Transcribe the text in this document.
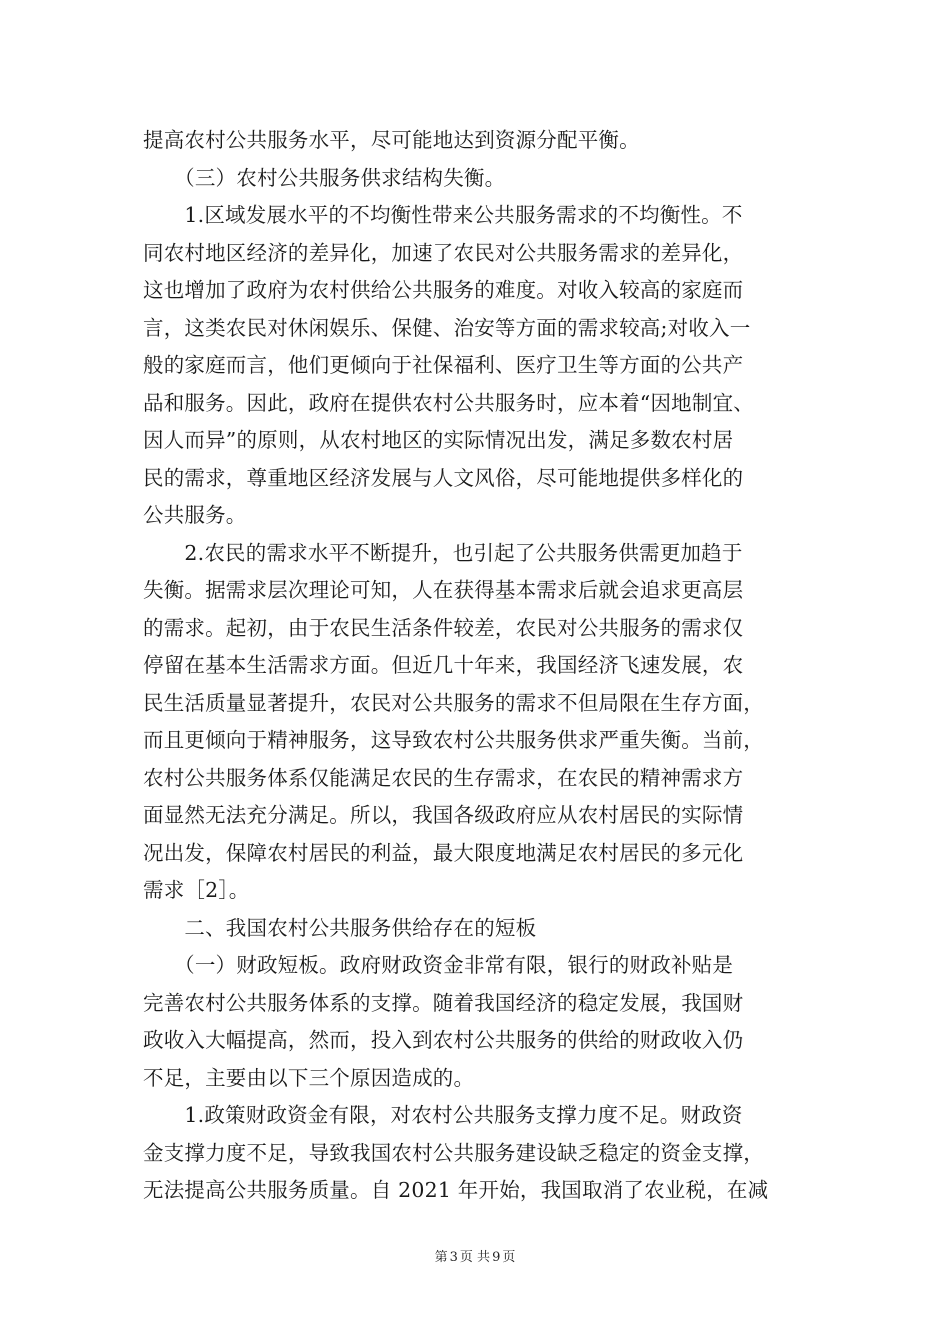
提高农村公共服务水平，尽可能地达到资源分配平衡。
　　（三）农村公共服务供求结构失衡。
　　1.区域发展水平的不均衡性带来公共服务需求的不均衡性。不
同农村地区经济的差异化，加速了农民对公共服务需求的差异化，
这也增加了政府为农村供给公共服务的难度。对收入较高的家庭而
言，这类农民对休闲娱乐、保健、治安等方面的需求较高;对收入一
般的家庭而言，他们更倾向于社保福利、医疗卫生等方面的公共产
品和服务。因此，政府在提供农村公共服务时，应本着“因地制宜、
因人而异”的原则，从农村地区的实际情况出发，满足多数农村居
民的需求，尊重地区经济发展与人文风俗，尽可能地提供多样化的
公共服务。
　　2.农民的需求水平不断提升，也引起了公共服务供需更加趋于
失衡。据需求层次理论可知，人在获得基本需求后就会追求更高层
的需求。起初，由于农民生活条件较差，农民对公共服务的需求仅
停留在基本生活需求方面。但近几十年来，我国经济飞速发展，农
民生活质量显著提升，农民对公共服务的需求不但局限在生存方面，
而且更倾向于精神服务，这导致农村公共服务供求严重失衡。当前，
农村公共服务体系仅能满足农民的生存需求，在农民的精神需求方
面显然无法充分满足。所以，我国各级政府应从农村居民的实际情
况出发，保障农村居民的利益，最大限度地满足农村居民的多元化
需求［2］。
　　二、我国农村公共服务供给存在的短板
　　（一）财政短板。政府财政资金非常有限，银行的财政补贴是
完善农村公共服务体系的支撑。随着我国经济的稳定发展，我国财
政收入大幅提高，然而，投入到农村公共服务的供给的财政收入仍
不足，主要由以下三个原因造成的。
　　1.政策财政资金有限，对农村公共服务支撑力度不足。财政资
金支撑力度不足，导致我国农村公共服务建设缺乏稳定的资金支撑，
无法提高公共服务质量。自 2021 年开始，我国取消了农业税，在减
第 3 页 共 9 页
